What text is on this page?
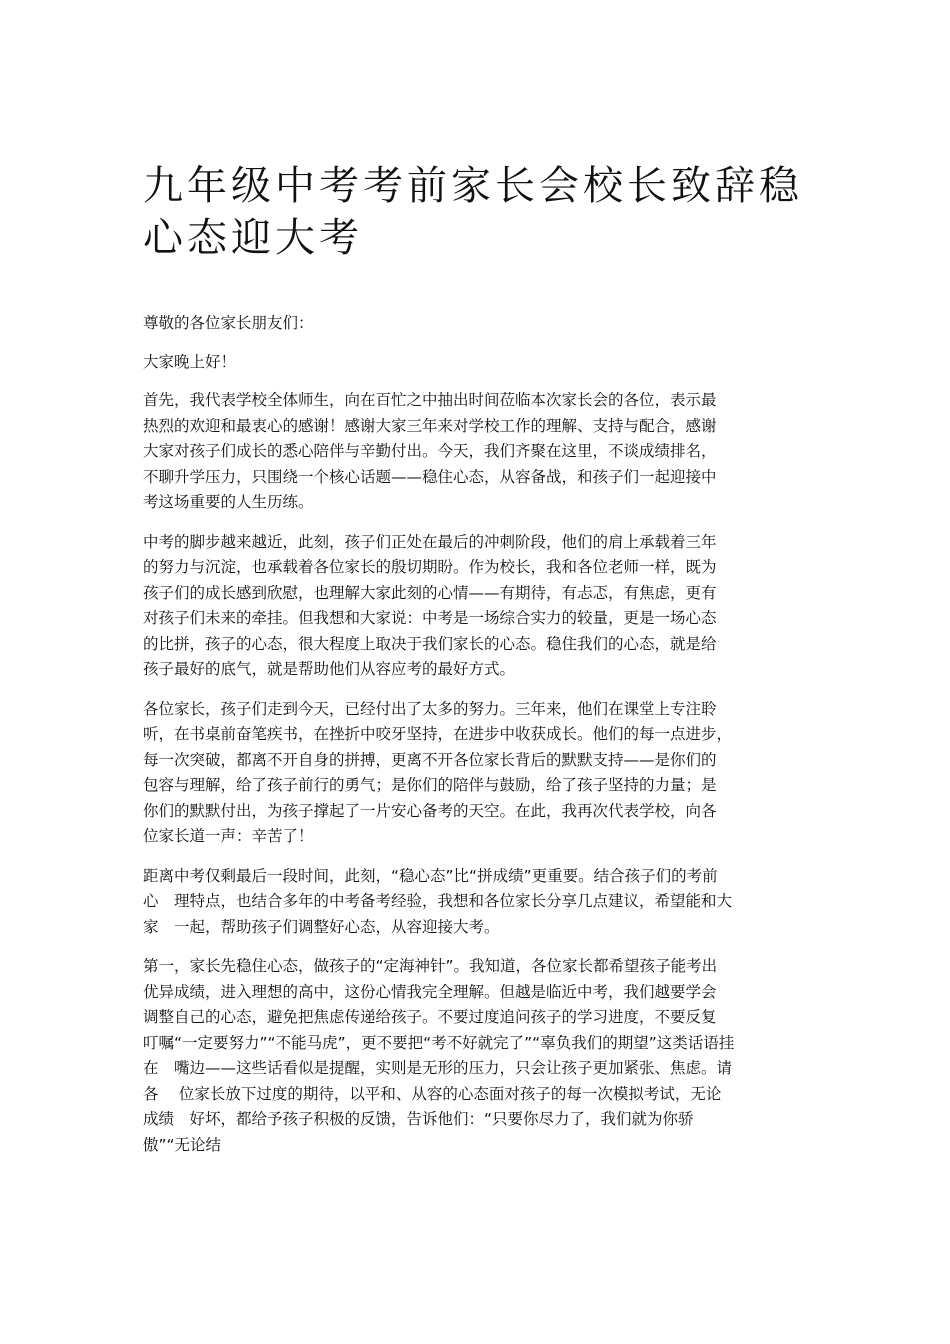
九年级中考考前家长会校长致辞稳
心态迎大考

尊敬的各位家长朋友们：

大家晚上好！

首先，我代表学校全体师生，向在百忙之中抽出时间莅临本次家长会的各位，表示最
热烈的欢迎和最衷心的感谢！感谢大家三年来对学校工作的理解、支持与配合，感谢
大家对孩子们成长的悉心陪伴与辛勤付出。今天，我们齐聚在这里，不谈成绩排名，
不聊升学压力，只围绕一个核心话题——稳住心态，从容备战，和孩子们一起迎接中
考这场重要的人生历练。

中考的脚步越来越近，此刻，孩子们正处在最后的冲刺阶段，他们的肩上承载着三年
的努力与沉淀，也承载着各位家长的殷切期盼。作为校长，我和各位老师一样，既为
孩子们的成长感到欣慰，也理解大家此刻的心情——有期待，有忐忑，有焦虑，更有
对孩子们未来的牵挂。但我想和大家说：中考是一场综合实力的较量，更是一场心态
的比拼，孩子的心态，很大程度上取决于我们家长的心态。稳住我们的心态，就是给
孩子最好的底气，就是帮助他们从容应考的最好方式。

各位家长，孩子们走到今天，已经付出了太多的努力。三年来，他们在课堂上专注聆
听，在书桌前奋笔疾书，在挫折中咬牙坚持，在进步中收获成长。他们的每一点进步，
每一次突破，都离不开自身的拼搏，更离不开各位家长背后的默默支持——是你们的
包容与理解，给了孩子前行的勇气；是你们的陪伴与鼓励，给了孩子坚持的力量；是
你们的默默付出，为孩子撑起了一片安心备考的天空。在此，我再次代表学校，向各
位家长道一声：辛苦了！

距离中考仅剩最后一段时间，此刻，“稳心态”比“拼成绩”更重要。结合孩子们的考前
心　理特点，也结合多年的中考备考经验，我想和各位家长分享几点建议，希望能和大
家　一起，帮助孩子们调整好心态，从容迎接大考。

第一，家长先稳住心态，做孩子的“定海神针”。我知道，各位家长都希望孩子能考出
优异成绩，进入理想的高中，这份心情我完全理解。但越是临近中考，我们越要学会
调整自己的心态，避免把焦虑传递给孩子。不要过度追问孩子的学习进度，不要反复
叮嘱“一定要努力”“不能马虎”，更不要把“考不好就完了”“辜负我们的期望”这类话语挂
在　嘴边——这些话看似是提醒，实则是无形的压力，只会让孩子更加紧张、焦虑。请
各　 位家长放下过度的期待，以平和、从容的心态面对孩子的每一次模拟考试，无论
成绩　好坏，都给予孩子积极的反馈，告诉他们：“只要你尽力了，我们就为你骄
傲”“无论结
